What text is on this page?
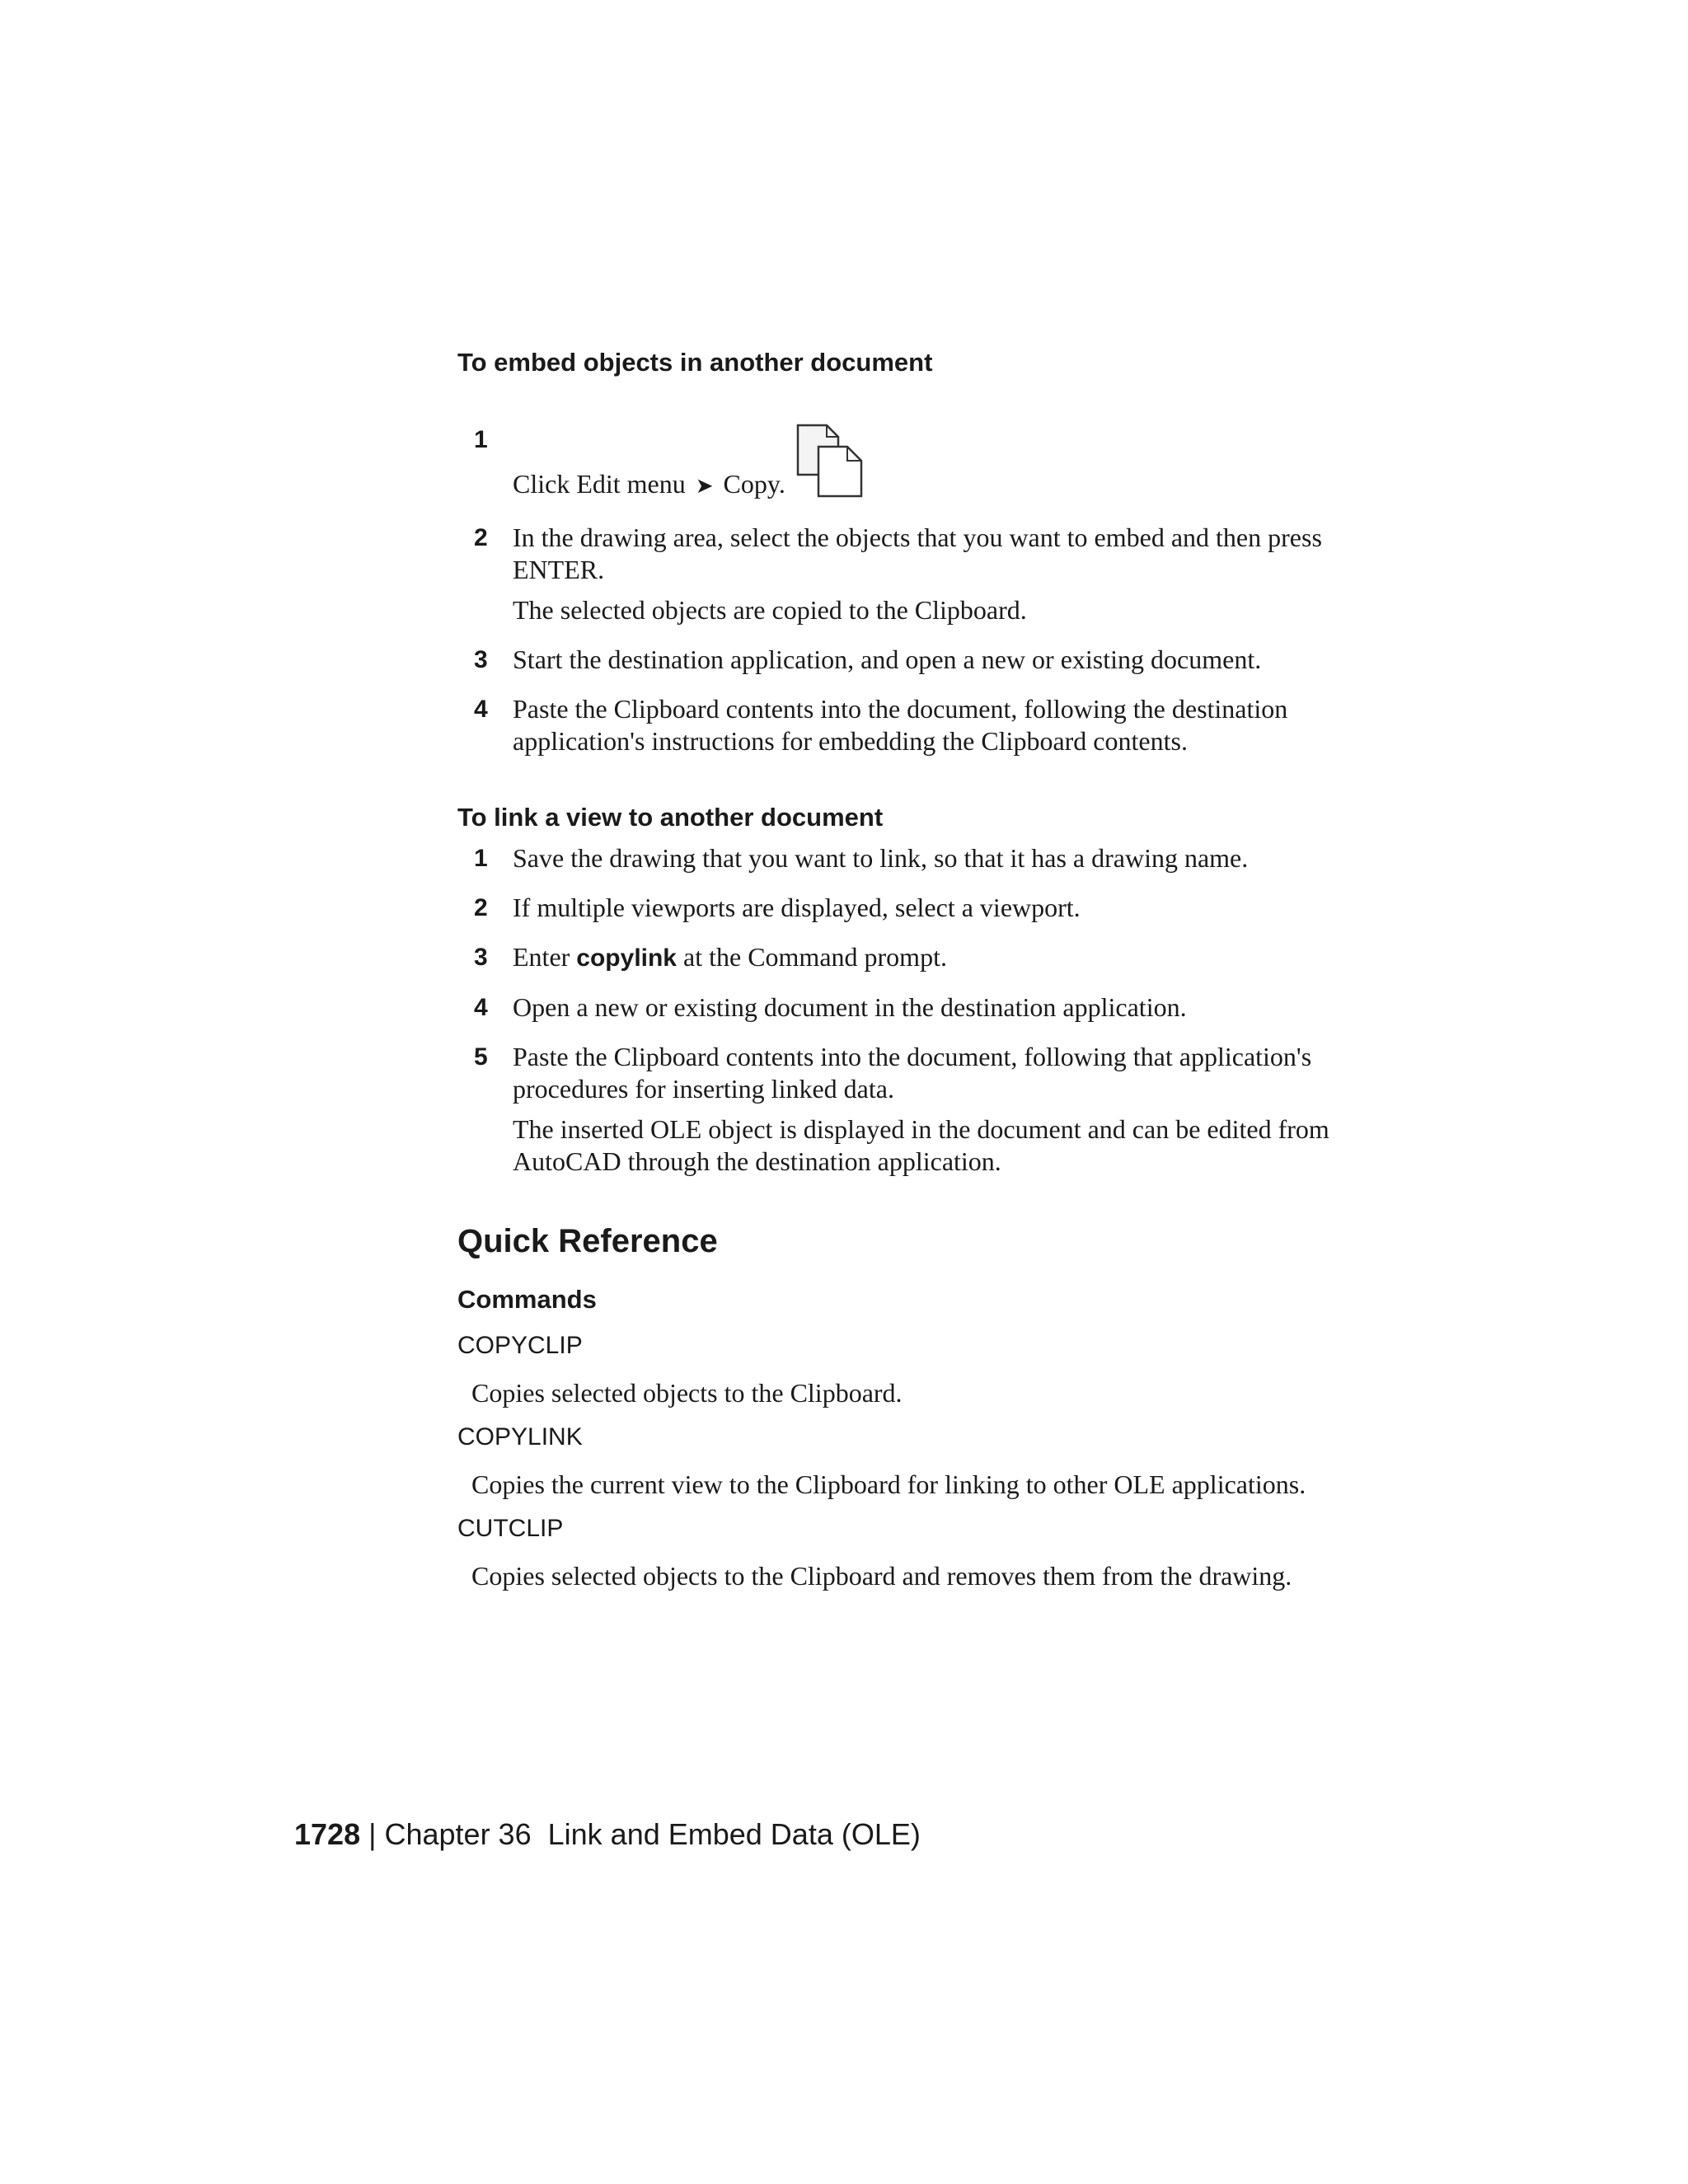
To embed objects in another document
1
Click Edit menu ➤ Copy.
2 In the drawing area, select the objects that you want to embed and then press ENTER.
The selected objects are copied to the Clipboard.
3 Start the destination application, and open a new or existing document.
4 Paste the Clipboard contents into the document, following the destination application's instructions for embedding the Clipboard contents.
To link a view to another document
1 Save the drawing that you want to link, so that it has a drawing name.
2 If multiple viewports are displayed, select a viewport.
3 Enter copylink at the Command prompt.
4 Open a new or existing document in the destination application.
5 Paste the Clipboard contents into the document, following that application's procedures for inserting linked data.
The inserted OLE object is displayed in the document and can be edited from AutoCAD through the destination application.
Quick Reference
Commands

COPYCLIP

Copies selected objects to the Clipboard.

COPYLINK

Copies the current view to the Clipboard for linking to other OLE applications.

CUTCLIP

Copies selected objects to the Clipboard and removes them from the drawing.

1728 | Chapter 36 Link and Embed Data (OLE)
